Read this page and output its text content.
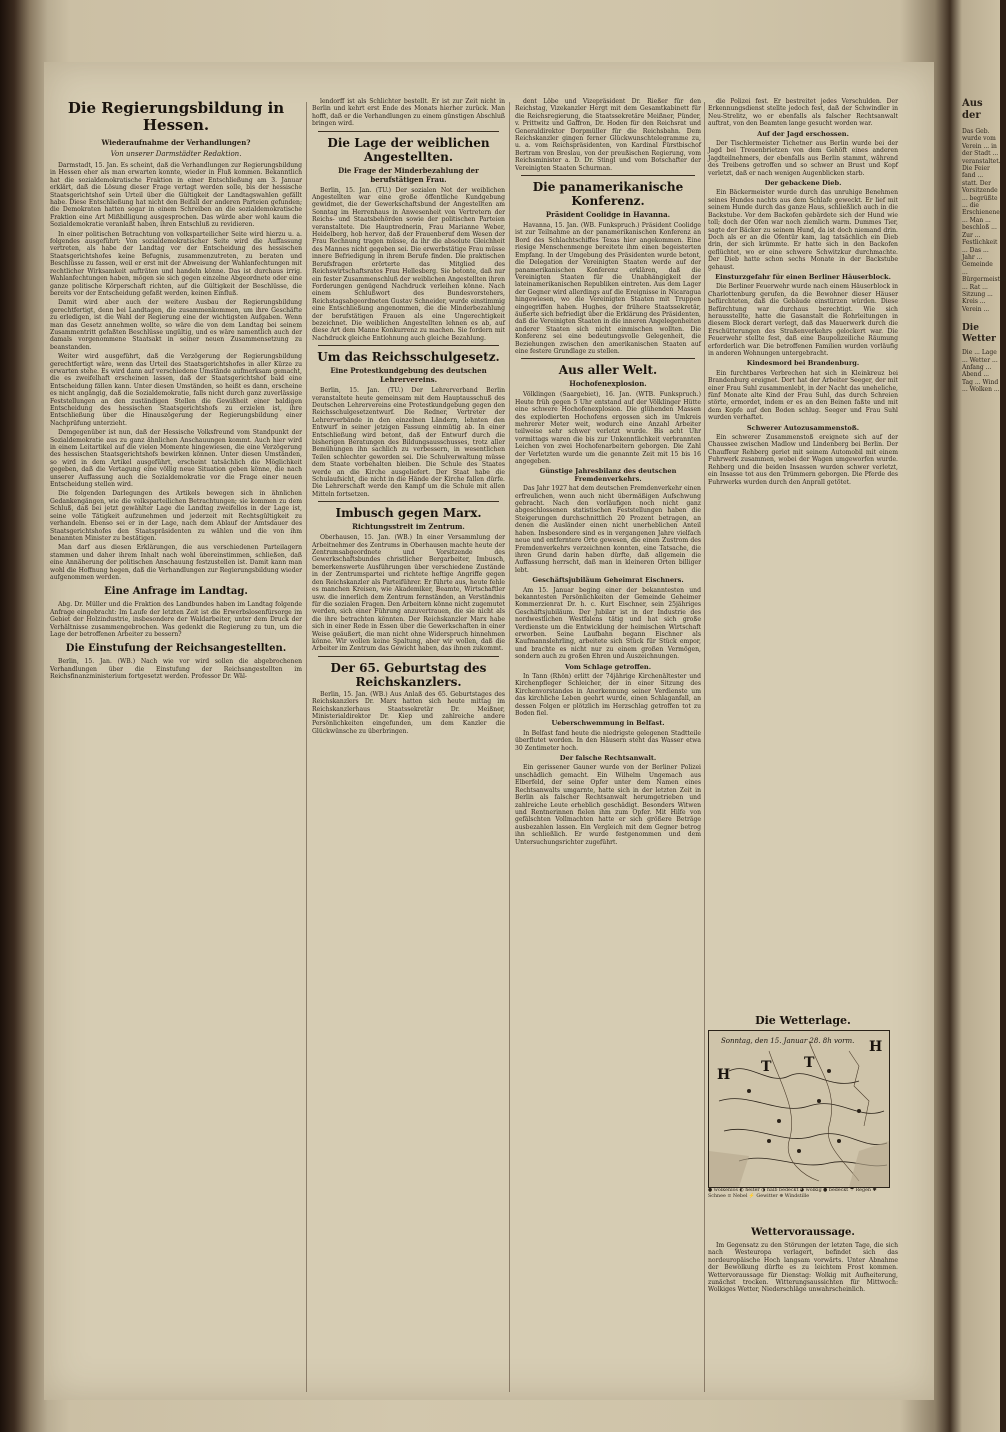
Die Regierungsbildung in Hessen.
Wiederaufnahme der Verhandlungen?
Von unserer Darmstädter Redaktion.

Darmstadt, 15. Jan. Es scheint, daß die Verhandlungen zur Regierungsbildung in Hessen eher als man erwarten konnte, wieder in Fluß kommen. Bekanntlich hat die sozialdemokratische Fraktion in einer Entschließung am 3. Januar erklärt, daß die Lösung dieser Frage vertagt werden solle, bis der hessische Staatsgerichtshof sein Urteil über die Gültigkeit der Landtagswahlen gefällt habe. Diese Entschließung hat nicht den Beifall der anderen Parteien gefunden; die Demokraten hatten sogar in einem Schreiben an die sozialdemokratische Fraktion eine Art Mißbilligung ausgesprochen. Das würde aber wohl kaum die Sozialdemokratie veranlaßt haben, ihren Entschluß zu revidieren.

In einer politischen Betrachtung von volksparteilicher Seite wird hierzu u. a. folgendes ausgeführt: Von sozialdemokratischer Seite wird die Auffassung vertreten, als habe der Landtag vor der Entscheidung des hessischen Staatsgerichtshofes keine Befugnis, zusammenzutreten, zu beraten und Beschlüsse zu fassen, weil er erst mit der Abweisung der Wahlanfechtungen mit rechtlicher Wirksamkeit aufträten und handeln könne. Das ist durchaus irrig. Wahlanfechtungen haben, mögen sie sich gegen einzelne Abgeordnete oder eine ganze politische Körperschaft richten, auf die Gültigkeit der Beschlüsse, die bereits vor der Entscheidung gefaßt werden, keinen Einfluß.

Damit wird aber auch der weitere Ausbau der Regierungsbildung gerechtfertigt, denn bei Landtagen, die zusammenkommen, um ihre Geschäfte zu erledigen, ist die Wahl der Regierung eine der wichtigsten Aufgaben. Wenn man das Gesetz annehmen wollte, so wäre die von dem Landtag bei seinem Zusammentritt gefaßten Beschlüsse ungültig, und es wäre namentlich auch der damals vorgenommene Staatsakt in seiner neuen Zusammensetzung zu beanstanden.

Weiter wird ausgeführt, daß die Verzögerung der Regierungsbildung gerechtfertigt wäre, wenn das Urteil des Staatsgerichtshofes in aller Kürze zu erwarten stehe. Es wird dann auf verschiedene Umstände aufmerksam gemacht, die es zweifelhaft erscheinen lassen, daß der Staatsgerichtshof bald eine Entscheidung fällen kann. Unter diesen Umständen, so heißt es dann, erscheine es nicht angängig, daß die Sozialdemokratie, falls nicht durch ganz zuverlässige Feststellungen an den zuständigen Stellen die Gewißheit einer baldigen Entscheidung des hessischen Staatsgerichtshofs zu erzielen ist, ihre Entschließung über die Hinauszögerung der Regierungsbildung einer Nachprüfung unterzieht.

Demgegenüber ist nun, daß der Hessische Volksfreund vom Standpunkt der Sozialdemokratie aus zu ganz ähnlichen Anschauungen kommt. Auch hier wird in einem Leitartikel auf die vielen Momente hingewiesen, die eine Verzögerung des hessischen Staatsgerichtshofs bewirken können. Unter diesen Umständen, so wird in dem Artikel ausgeführt, erscheint tatsächlich die Möglichkeit gegeben, daß die Vertagung eine völlig neue Situation geben könne, die nach unserer Auffassung auch die Sozialdemokratie vor die Frage einer neuen Entscheidung stellen wird.

Die folgenden Darlegungen des Artikels bewegen sich in ähnlichen Gedankengängen, wie die volksparteilichen Betrachtungen; sie kommen zu dem Schluß, daß bei jetzt gewählter Lage die Landtag zweifellos in der Lage ist, seine volle Tätigkeit aufzunehmen und jederzeit mit Rechtsgültigkeit zu verhandeln. Ebenso sei er in der Lage, nach dem Ablauf der Amtsdauer des Staatsgerichtshofes den Staatspräsidenten zu wählen und die von ihm benannten Minister zu bestätigen.

Man darf aus diesen Erklärungen, die aus verschiedenen Parteilagern stammen und daher ihrem Inhalt nach wohl übereinstimmen, schließen, daß eine Annäherung der politischen Anschauung festzustellen ist. Damit kann man wohl die Hoffnung hegen, daß die Verhandlungen zur Regierungsbildung wieder aufgenommen werden.

Eine Anfrage im Landtag.

Abg. Dr. Müller und die Fraktion des Landbundes haben im Landtag folgende Anfrage eingebracht: Im Laufe der letzten Zeit ist die Erwerbslosenfürsorge im Gebiet der Holzindustrie, insbesondere der Waldarbeiter, unter dem Druck der Verhältnisse zusammengebrochen. Was gedenkt die Regierung zu tun, um die Lage der betroffenen Arbeiter zu bessern?

Die Einstufung der Reichsangestellten.

Berlin, 15. Jan. (WB.) Nach wie vor wird sollen die abgebrochenen Verhandlungen über die Einstufung der Reichsangestellten im Reichsfinanzministerium fortgesetzt werden. Professor Dr. Wäl-

lendorff ist als Schlichter bestellt. Er ist zur Zeit nicht in Berlin und kehrt erst Ende des Monats hierher zurück. Man hofft, daß er die Verhandlungen zu einem günstigen Abschluß bringen wird.

Die Lage der weiblichen Angestellten.
Die Frage der Minderbezahlung der berufstätigen Frau.

Berlin, 15. Jan. (TU.) Der sozialen Not der weiblichen Angestellten war eine große öffentliche Kundgebung gewidmet, die der Gewerkschaftsbund der Angestellten am Sonntag im Herrenhaus in Anwesenheit von Vertretern der Reichs- und Staatsbehörden sowie der politischen Parteien veranstaltete. Die Hauptrednerin, Frau Marianne Weber, Heidelberg, hob hervor, daß der Frauenberuf dem Wesen der Frau Rechnung tragen müsse, da ihr die absolute Gleichheit des Mannes nicht gegeben sei. Die erwerbstätige Frau müsse innere Befriedigung in ihrem Berufe finden. Die praktischen Berufsfragen erörterte das Mitglied des Reichswirtschaftsrates Frau Hellesberg. Sie betonte, daß nur ein fester Zusammenschluß der weiblichen Angestellten ihren Forderungen genügend Nachdruck verleihen könne. Nach einem Schlußwort des Bundesvorstehers, Reichstagsabgeordneten Gustav Schneider, wurde einstimmig eine Entschließung angenommen, die die Minderbezahlung der berufstätigen Frauen als eine Ungerechtigkeit bezeichnet. Die weiblichen Angestellten lehnen es ab, auf diese Art dem Manne Konkurrenz zu machen. Sie fordern mit Nachdruck gleiche Entlohnung auch gleiche Bezahlung.

Um das Reichsschulgesetz.
Eine Protestkundgebung des deutschen Lehrervereins.

Berlin, 15. Jan. (TU.) Der Lehrerverband Berlin veranstaltete heute gemeinsam mit dem Hauptausschuß des Deutschen Lehrervereins eine Protestkundgebung gegen den Reichsschulgesetzentwurf. Die Redner, Vertreter der Lehrerverbände in den einzelnen Ländern, lehnten den Entwurf in seiner jetzigen Fassung einmütig ab. In einer Entschließung wird betont, daß der Entwurf durch die bisherigen Beratungen des Bildungsausschusses, trotz aller Bemühungen ihn sachlich zu verbessern, in wesentlichen Teilen schlechter geworden sei. Die Schulverwaltung müsse dem Staate vorbehalten bleiben. Die Schule des Staates werde an die Kirche ausgeliefert. Der Staat habe die Schulaufsicht, die nicht in die Hände der Kirche fallen dürfe. Die Lehrerschaft werde den Kampf um die Schule mit allen Mitteln fortsetzen.

Imbusch gegen Marx.
Richtungsstreit im Zentrum.

Oberhausen, 15. Jan. (WB.) In einer Versammlung der Arbeitnehmer des Zentrums in Oberhausen machte heute der Zentrumsabgeordnete und Vorsitzende des Gewerkschaftsbundes christlicher Bergarbeiter, Imbusch, bemerkenswerte Ausführungen über verschiedene Zustände in der Zentrumspartei und richtete heftige Angriffe gegen den Reichskanzler als Parteiführer. Er führte aus, heute fehle es manchen Kreisen, wie Akademiker, Beamte, Wirtschaftler usw. die innerlich dem Zentrum fernständen, an Verständnis für die sozialen Fragen. Den Arbeitern könne nicht zugemutet werden, sich einer Führung anzuvertrauen, die sie nicht als die ihre betrachten könnten. Der Reichskanzler Marx habe sich in einer Rede in Essen über die Gewerkschaften in einer Weise geäußert, die man nicht ohne Widerspruch hinnehmen könne. Wir wollen keine Spaltung, aber wir wollen, daß die Arbeiter im Zentrum das Gewicht haben, das ihnen zukommt.

Der 65. Geburtstag des Reichskanzlers.

Berlin, 15. Jan. (WB.) Aus Anlaß des 65. Geburtstages des Reichskanzlers Dr. Marx hatten sich heute mittag im Reichskanzlerhaus Staatssekretär Dr. Meißner, Ministerialdirektor Dr. Kiep und zahlreiche andere Persönlichkeiten eingefunden, um dem Kanzler die Glückwünsche zu überbringen.

dent Löbe und Vizepräsident Dr. Rießer für den Reichstag, Vizekanzler Hergt mit dem Gesamtkabinett für die Reichsregierung, die Staatssekretäre Meißner, Pünder, v. Prittwitz und Gaffron, Dr. Hoden für den Reichsrat und Generaldirektor Dorpmüller für die Reichsbahn. Dem Reichskanzler gingen ferner Glückwunschtelegramme zu, u. a. vom Reichspräsidenten, von Kardinal Fürstbischof Bertram von Breslau, von der preußischen Regierung, vom Reichsminister a. D. Dr. Stingl und vom Botschafter der Vereinigten Staaten Schurman.

Die panamerikanische Konferenz.
Präsident Coolidge in Havanna.

Havanna, 15. Jan. (WB. Funkspruch.) Präsident Coolidge ist zur Teilnahme an der panamerikanischen Konferenz an Bord des Schlachtschiffes Texas hier angekommen. Eine riesige Menschenmenge bereitete ihm einen begeisterten Empfang. In der Umgebung des Präsidenten wurde betont, die Delegation der Vereinigten Staaten werde auf der panamerikanischen Konferenz erklären, daß die Vereinigten Staaten für die Unabhängigkeit der lateinamerikanischen Republiken eintreten. Aus dem Lager der Gegner wird allerdings auf die Ereignisse in Nicaragua hingewiesen, wo die Vereinigten Staaten mit Truppen eingegriffen haben. Hughes, der frühere Staatssekretär, äußerte sich befriedigt über die Erklärung des Präsidenten, daß die Vereinigten Staaten in die inneren Angelegenheiten anderer Staaten sich nicht einmischen wollten. Die Konferenz sei eine bedeutungsvolle Gelegenheit, die Beziehungen zwischen den amerikanischen Staaten auf eine festere Grundlage zu stellen.

Aus aller Welt.
Hochofenexplosion.

Völklingen (Saargebiet), 16. Jan. (WTB. Funkspruch.) Heute früh gegen 5 Uhr entstand auf der Völklinger Hütte eine schwere Hochofenexplosion. Die glühenden Massen des explodierten Hochofens ergossen sich im Umkreis mehrerer Meter weit, wodurch eine Anzahl Arbeiter teilweise sehr schwer verletzt wurde. Bis acht Uhr vormittags waren die bis zur Unkenntlichkeit verbrannten Leichen von zwei Hochofenarbeitern geborgen. Die Zahl der Verletzten wurde um die genannte Zeit mit 15 bis 16 angegeben.

Günstige Jahresbilanz des deutschen Fremdenverkehrs.

Das Jahr 1927 hat dem deutschen Fremdenverkehr einen erfreulichen, wenn auch nicht übermäßigen Aufschwung gebracht. Nach den vorläufigen noch nicht ganz abgeschlossenen statistischen Feststellungen haben die Steigerungen durchschnittlich 20 Prozent betragen, an denen die Ausländer einen nicht unerheblichen Anteil haben. Insbesondere sind es in vergangenen Jahre vielfach neue und entferntere Orte gewesen, die einen Zustrom des Fremdenverkehrs verzeichnen konnten, eine Tatsache, die ihren Grund darin haben dürfte, daß allgemein die Auffassung herrscht, daß man in kleineren Orten billiger lebt.

Geschäftsjubiläum Geheimrat Eischners.

Am 15. Januar beging einer der bekanntesten und bekanntesten Persönlichkeiten der Gemeinde Geheimer Kommerzienrat Dr. h. c. Kurt Eischner, sein 25jähriges Geschäftsjubiläum. Der Jubilar ist in der Industrie des nordwestlichen Westfalens tätig und hat sich große Verdienste um die Entwicklung der heimischen Wirtschaft erworben. Seine Laufbahn begann Eischner als Kaufmannslehrling, arbeitete sich Stück für Stück empor, und brachte es nicht nur zu einem großen Vermögen, sondern auch zu großen Ehren und Auszeichnungen.

Vom Schlage getroffen.

In Tann (Rhön) erlitt der 74jährige Kirchenältester und Kirchenpfleger Schleicher, der in einer Sitzung des Kirchenvorstandes in Anerkennung seiner Verdienste um das kirchliche Leben geehrt wurde, einen Schlaganfall, an dessen Folgen er plötzlich im Herzschlag getroffen tot zu Boden fiel.

Ueberschwemmung in Belfast.

In Belfast fand heute die niedrigste gelegenen Stadtteile überflutet worden. In den Häusern steht das Wasser etwa 30 Zentimeter hoch.

Der falsche Rechtsanwalt.

Ein gerissener Gauner wurde von der Berliner Polizei unschädlich gemacht. Ein Wilhelm Ungemach aus Elberfeld, der seine Opfer unter dem Namen eines Rechtsanwalts umgarnte, hatte sich in der letzten Zeit in Berlin als falscher Rechtsanwalt herumgetrieben und zahlreiche Leute erheblich geschädigt. Besonders Witwen und Rentnerinnen fielen ihm zum Opfer. Mit Hilfe von gefälschten Vollmachten hatte er sich größere Beträge ausbezahlen lassen. Ein Vergleich mit dem Gegner betrog ihn schließlich. Er wurde festgenommen und dem Untersuchungsrichter zugeführt.

die Polizei fest. Er bestreitet jedes Verschulden. Der Erkennungsdienst stellte jedoch fest, daß der Schwindler in Neu-Strelitz, wo er ebenfalls als falscher Rechtsanwalt auftrat, von den Beamten lange gesucht worden war.

Auf der Jagd erschossen.

Der Tischlermeister Tichetner aus Berlin wurde bei der Jagd bei Treuenbrietzen von dem Gehöft eines anderen Jagdteilnehmers, der ebenfalls aus Berlin stammt, während des Treibens getroffen und so schwer an Brust und Kopf verletzt, daß er nach wenigen Augenblicken starb.

Der gebackene Dieb.

Ein Bäckermeister wurde durch das unruhige Benehmen seines Hundes nachts aus dem Schlafe geweckt. Er lief mit seinem Hunde durch das ganze Haus, schließlich auch in die Backstube. Vor dem Backofen gebärdete sich der Hund wie toll; doch der Ofen war noch ziemlich warm. Dummes Tier, sagte der Bäcker zu seinem Hund, da ist doch niemand drin. Doch als er an die Ofentür kam, lag tatsächlich ein Dieb drin, der sich krümmte. Er hatte sich in den Backofen geflüchtet, wo er eine schwere Schwitzkur durchmachte. Der Dieb hatte schon sechs Monate in der Backstube gehaust.

Einsturzgefahr für einen Berliner Häuserblock.

Die Berliner Feuerwehr wurde nach einem Häuserblock in Charlottenburg gerufen, da die Bewohner dieser Häuser befürchteten, daß die Gebäude einstürzen würden. Diese Befürchtung war durchaus berechtigt. Wie sich herausstellte, hatte die Gasanstalt die Rohrleitungen in diesem Block derart verlegt, daß das Mauerwerk durch die Erschütterungen des Straßenverkehrs gelockert war. Die Feuerwehr stellte fest, daß eine Baupolizeiliche Räumung erforderlich war. Die betroffenen Familien wurden vorläufig in anderen Wohnungen untergebracht.

Kindesmord bei Brandenburg.

Ein furchtbares Verbrechen hat sich in Kleinkreuz bei Brandenburg ereignet. Dort hat der Arbeiter Seeger, der mit einer Frau Suhl zusammenlebt, in der Nacht das uneheliche, fünf Monate alte Kind der Frau Suhl, das durch Schreien störte, ermordet, indem er es an den Beinen faßte und mit dem Kopfe auf den Boden schlug. Seeger und Frau Suhl wurden verhaftet.

Schwerer Autozusammenstoß.

Ein schwerer Zusammenstoß ereignete sich auf der Chaussee zwischen Madlow und Lindenberg bei Berlin. Der Chauffeur Rehberg geriet mit seinem Automobil mit einem Fuhrwerk zusammen, wobei der Wagen umgeworfen wurde. Rehberg und die beiden Insassen wurden schwer verletzt, ein Insasse tot aus den Trümmern geborgen. Die Pferde des Fuhrwerks wurden durch den Anprall getötet.

Die Wetterlage.
Wettervoraussage.

Im Gegensatz zu den Störungen der letzten Tage, die sich nach Westeuropa verlagert, befindet sich das nordeuropäische Hoch langsam vorwärts. Unter Abnahme der Bewölkung dürfte es zu leichtem Frost kommen. Wettervoraussage für Dienstag: Wolkig mit Aufheiterung, zunächst trocken. Witterungsaussichten für Mittwoch: Wolkiges Wetter, Niederschläge unwahrscheinlich.

H T T
H
Sonntag, den 15. Januar 28. 8h vorm.
● wolkenlos ◐ heiter ◑ halb bedeckt ◕ wolkig ● bedeckt ☂ Regen ✱ Schnee ≡ Nebel ⚡ Gewitter ⊕ Windstille
Aus der
Das Geb. wurde vom Verein ... in der Stadt ... veranstaltet. Die Feier fand ... statt. Der Vorsitzende ... begrüßte ... die Erschienenen ... Man ... beschloß ... Zur ... Festlichkeit ... Das ... Jahr ... Gemeinde ... Bürgermeister ... Rat ... Sitzung ... Kreis ... Verein ...
Die Wetter
Die ... Lage ... Wetter ... Anfang ... Abend ... Tag ... Wind ... Wolken ...
